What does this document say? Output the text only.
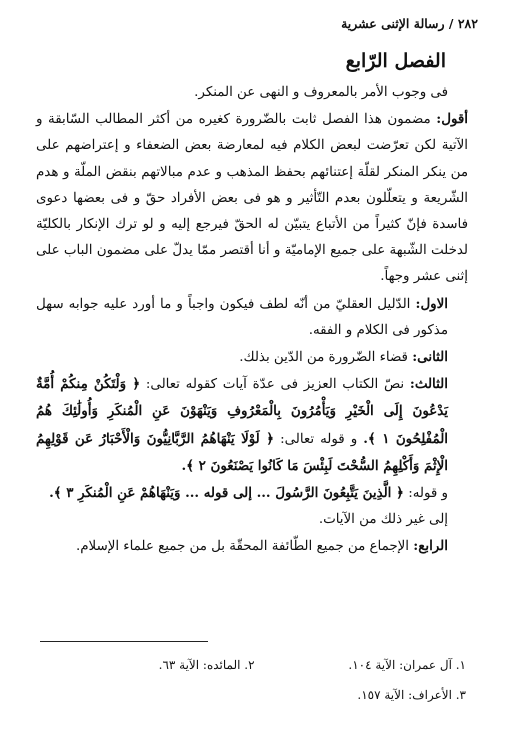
٢٨٢ / رسالة الإثنى عشرية
الفصل الرّابع

فى وجوب الأمر بالمعروف و النهى عن المنكر.

أقول: مضمون هذا الفصل ثابت بالضّرورة كغيره من أكثر المطالب السّابقة و الآتية لكن تعرّضت لبعض الكلام فيه لمعارضة بعض الضعفاء و إعتراضهم على من ينكر المنكر لقلّة إعتنائهم بحفظ المذهب و عدم مبالاتهم بنقض الملّة و هدم الشّريعة و يتعلّلون بعدم التّأثير و هو فى بعض الأفراد حقّ و فى بعضها دعوى فاسدة فإنّ كثيراً من الأتباع يتبيّن له الحقّ فيرجع إليه و لو ترك الإنكار بالكليّة لدخلت الشّبهة على جميع الإماميّة و أنا أقتصر ممّا يدلّ على مضمون الباب على إثنى عشر وجهاً.

الاول: الدّليل العقليّ من أنّه لطف فيكون واجباً و ما أورد عليه جوابه سهل مذكور فى الكلام و الفقه.

الثانى: قضاء الضّرورة من الدّين بذلك.

الثالث: نصّ الكتاب العزيز فى عدّة آيات كقوله تعالى: ﴿ وَلْتَكُنْ مِنكُمْ أُمَّةٌ يَدْعُونَ إِلَى الْخَيْرِ وَيَأْمُرُونَ بِالْمَعْرُوفِ وَيَنْهَوْنَ عَنِ الْمُنكَرِ وَأُولَٰئِكَ هُمُ الْمُفْلِحُونَ ١ ﴾. و قوله تعالى: ﴿ لَوْلَا يَنْهَاهُمُ الرَّبَّانِيُّونَ وَالْأَحْبَارُ عَن قَوْلِهِمُ الْإِثْمَ وَأَكْلِهِمُ السُّحْتَ لَبِئْسَ مَا كَانُوا يَصْنَعُونَ ٢ ﴾.

و قوله: ﴿ الَّذِينَ يَتَّبِعُونَ الرَّسُولَ ... إلى قوله ... وَيَنْهَاهُمْ عَنِ الْمُنكَرِ ٣ ﴾.

إلى غير ذلك من الآيات.

الرابع: الإجماع من جميع الطّائفة المحقّة بل من جميع علماء الإسلام.

١. آل عمران: الآية ١٠٤. ٢. المائده: الآية ٦٣.
٣. الأعراف: الآية ١٥٧.
